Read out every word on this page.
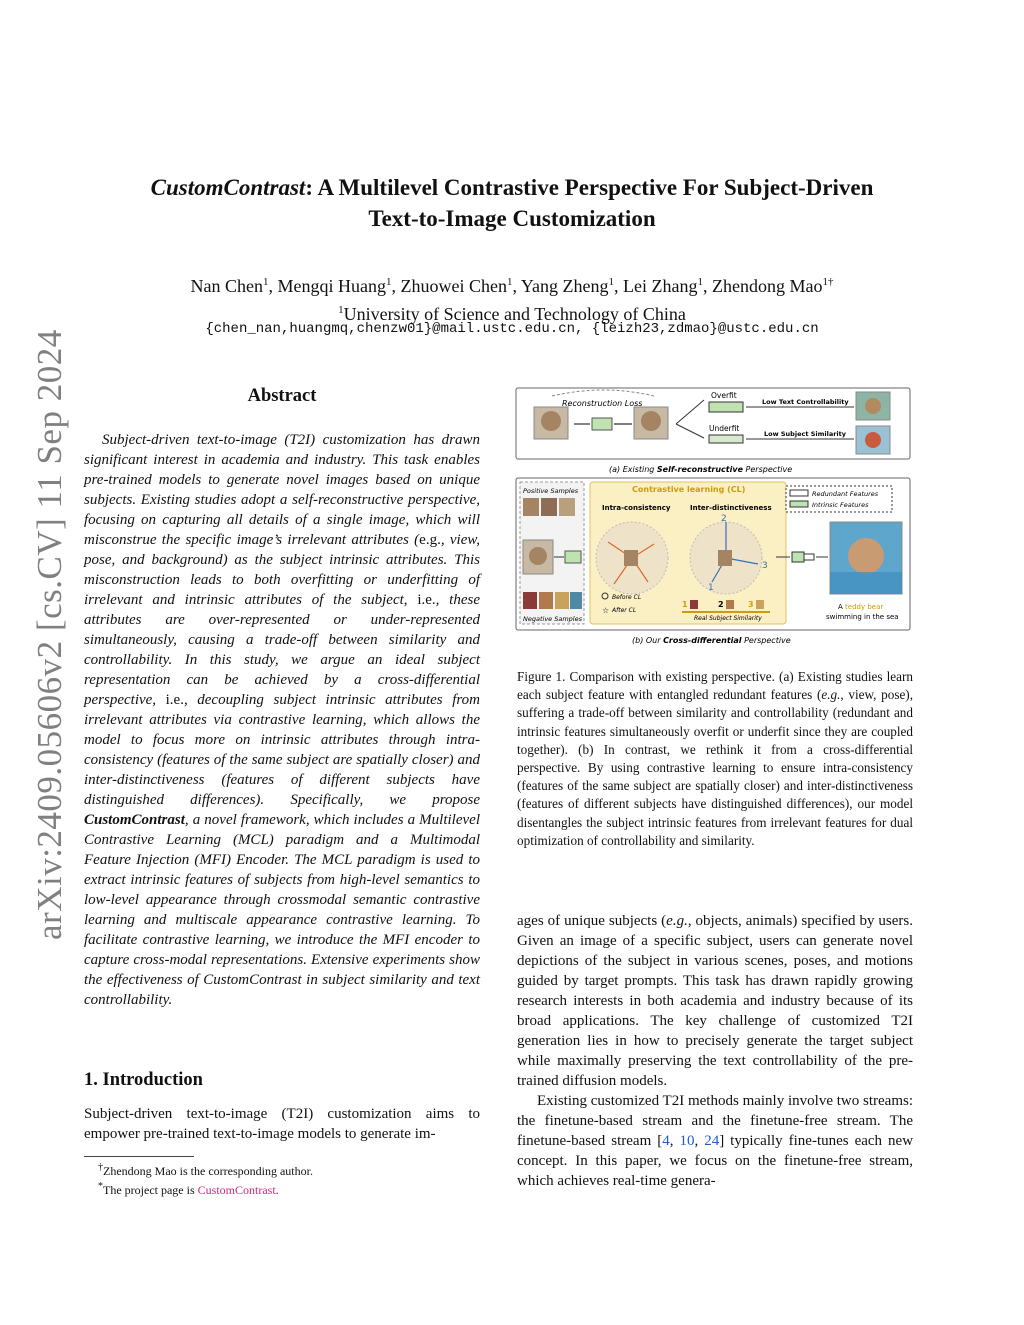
arXiv:2409.05606v2 [cs.CV] 11 Sep 2024
CustomContrast: A Multilevel Contrastive Perspective For Subject-Driven
Text-to-Image Customization
Nan Chen$^1$, Mengqi Huang$^1$, Zhuowei Chen$^1$, Yang Zheng$^1$, Lei Zhang$^1$, Zhendong Mao$^{1\dagger}$
$^1$University of Science and Technology of China
{chen_nan,huangmq,chenzw01}@mail.ustc.edu.cn, {leizh23,zdmao}@ustc.edu.cn
Abstract

Subject-driven text-to-image (T2I) customization has drawn significant interest in academia and industry. This task enables pre-trained models to generate novel images based on unique subjects. Existing studies adopt a self-reconstructive perspective, focusing on capturing all details of a single image, which will misconstrue the specific image’s irrelevant attributes (e.g., view, pose, and background) as the subject intrinsic attributes. This misconstruction leads to both overfitting or underfitting of irrelevant and intrinsic attributes of the subject, i.e., these attributes are over-represented or under-represented simultaneously, causing a trade-off between similarity and controllability. In this study, we argue an ideal subject representation can be achieved by a cross-differential perspective, i.e., decoupling subject intrinsic attributes from irrelevant attributes via contrastive learning, which allows the model to focus more on intrinsic attributes through intra-consistency (features of the same subject are spatially closer) and inter-distinctiveness (features of different subjects have distinguished differences). Specifically, we propose CustomContrast, a novel framework, which includes a Multilevel Contrastive Learning (MCL) paradigm and a Multimodal Feature Injection (MFI) Encoder. The MCL paradigm is used to extract intrinsic features of subjects from high-level semantics to low-level appearance through crossmodal semantic contrastive learning and multiscale appearance contrastive learning. To facilitate contrastive learning, we introduce the MFI encoder to capture cross-modal representations. Extensive experiments show the effectiveness of CustomContrast in subject similarity and text controllability.

1. Introduction

Subject-driven text-to-image (T2I) customization aims to empower pre-trained text-to-image models to generate im-

†Zhendong Mao is the corresponding author.
*The project page is CustomContrast.
Reconstruction Loss
Overfit
Underfit
Low Text Controllability
Low Subject Similarity
(a) Existing Self-reconstructive Perspective
Positive Samples
Negative Samples
Contrastive learning (CL)
Intra-consistency	Inter-distinctiveness
2
3
1
Before CL
☆ After CL
1	2	3
Real Subject Similarity
Redundant Features
Intrinsic Features
A teddy bear
swimming in the sea
(b) Our Cross-differential Perspective
Figure 1. Comparison with existing perspective. (a) Existing studies learn each subject feature with entangled redundant features (e.g., view, pose), suffering a trade-off between similarity and controllability (redundant and intrinsic features simultaneously overfit or underfit since they are coupled together). (b) In contrast, we rethink it from a cross-differential perspective. By using contrastive learning to ensure intra-consistency (features of the same subject are spatially closer) and inter-distinctiveness (features of different subjects have distinguished differences), our model disentangles the subject intrinsic features from irrelevant features for dual optimization of controllability and similarity.

ages of unique subjects (e.g., objects, animals) specified by users. Given an image of a specific subject, users can generate novel depictions of the subject in various scenes, poses, and motions guided by target prompts. This task has drawn rapidly growing research interests in both academia and industry because of its broad applications. The key challenge of customized T2I generation lies in how to precisely generate the target subject while maximally preserving the text controllability of the pre-trained diffusion models.

Existing customized T2I methods mainly involve two streams: the finetune-based stream and the finetune-free stream. The finetune-based stream [4, 10, 24] typically fine-tunes each new concept. In this paper, we focus on the finetune-free stream, which achieves real-time genera-
